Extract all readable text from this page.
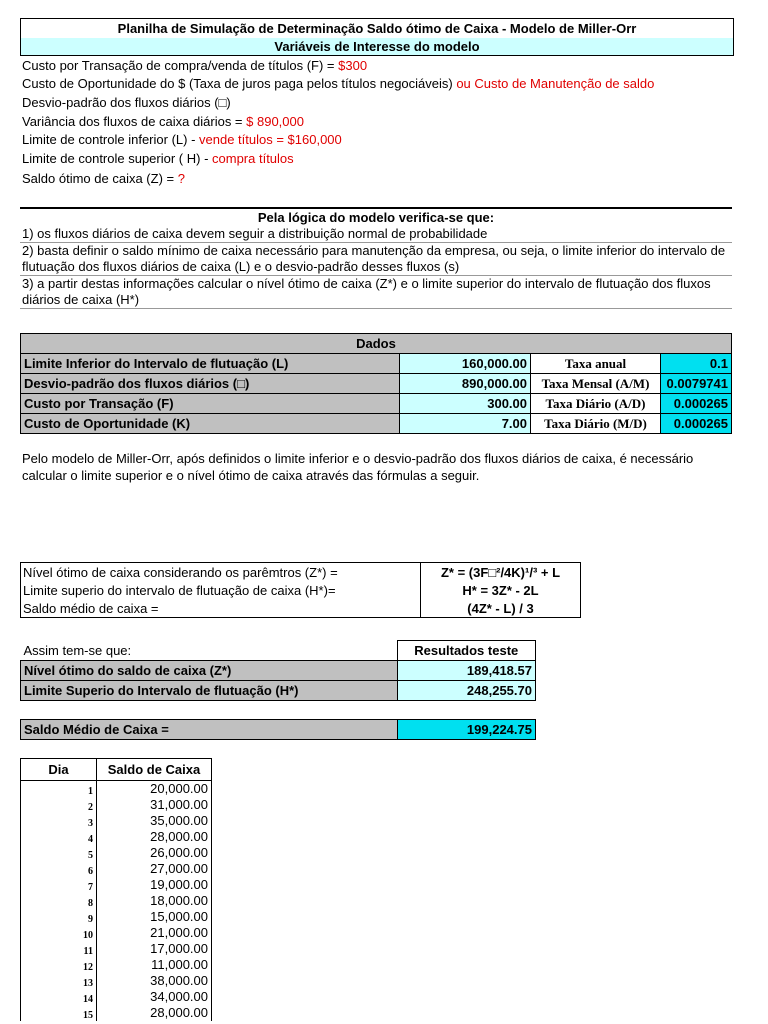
Planilha de Simulação de Determinação Saldo ótimo de Caixa - Modelo de Miller-Orr
Variáveis de Interesse do modelo
Custo por Transação de compra/venda de títulos (F) = $300
Custo de Oportunidade do $ (Taxa de juros paga pelos títulos negociáveis) ou Custo de Manutenção de saldo
Desvio-padrão dos fluxos diários (□)
Variância dos fluxos de caixa diários = $ 890,000
Limite de controle inferior (L) - vende títulos = $160,000
Limite de controle superior ( H) - compra títulos
Saldo ótimo de caixa (Z) = ?
Pela lógica do modelo verifica-se que:
1) os fluxos diários de caixa devem seguir a distribuição normal de probabilidade
2) basta definir o saldo mínimo de caixa necessário para manutenção da empresa, ou seja, o limite inferior do intervalo de flutuação dos fluxos diários de caixa (L) e o desvio-padrão desses fluxos (s)
3) a partir destas informações calcular o nível ótimo de caixa (Z*) e o limite superior do intervalo de flutuação dos fluxos diários de caixa (H*)
Dados			
Limite Inferior do Intervalo de flutuação (L)	160,000.00	Taxa anual	0.1
Desvio-padrão dos fluxos diários (□)	890,000.00	Taxa Mensal (A/M)	0.0079741
Custo por Transação (F)	300.00	Taxa Diário (A/D)	0.000265
Custo de Oportunidade (K)	7.00	Taxa Diário (M/D)	0.000265
Pelo modelo de Miller-Orr, após definidos o limite inferior e o desvio-padrão dos fluxos diários de caixa, é necessário calcular o limite superior e o nível ótimo de caixa através das fórmulas a seguir.
Nível ótimo de caixa considerando os parêmtros (Z*) =	Z* = (3F□²/4K)¹/³ + L
Limite superio do intervalo de flutuação de caixa (H*)=	H* = 3Z* - 2L
Saldo médio de caixa =	(4Z* - L) / 3
Assim tem-se que:	Resultados teste
Nível ótimo do saldo de caixa (Z*)	189,418.57
Limite Superio do Intervalo de flutuação (H*)	248,255.70
Saldo Médio de Caixa =	199,224.75
Dia	Saldo de Caixa
1	20,000.00
2	31,000.00
3	35,000.00
4	28,000.00
5	26,000.00
6	27,000.00
7	19,000.00
8	18,000.00
9	15,000.00
10	21,000.00
11	17,000.00
12	11,000.00
13	38,000.00
14	34,000.00
15	28,000.00
